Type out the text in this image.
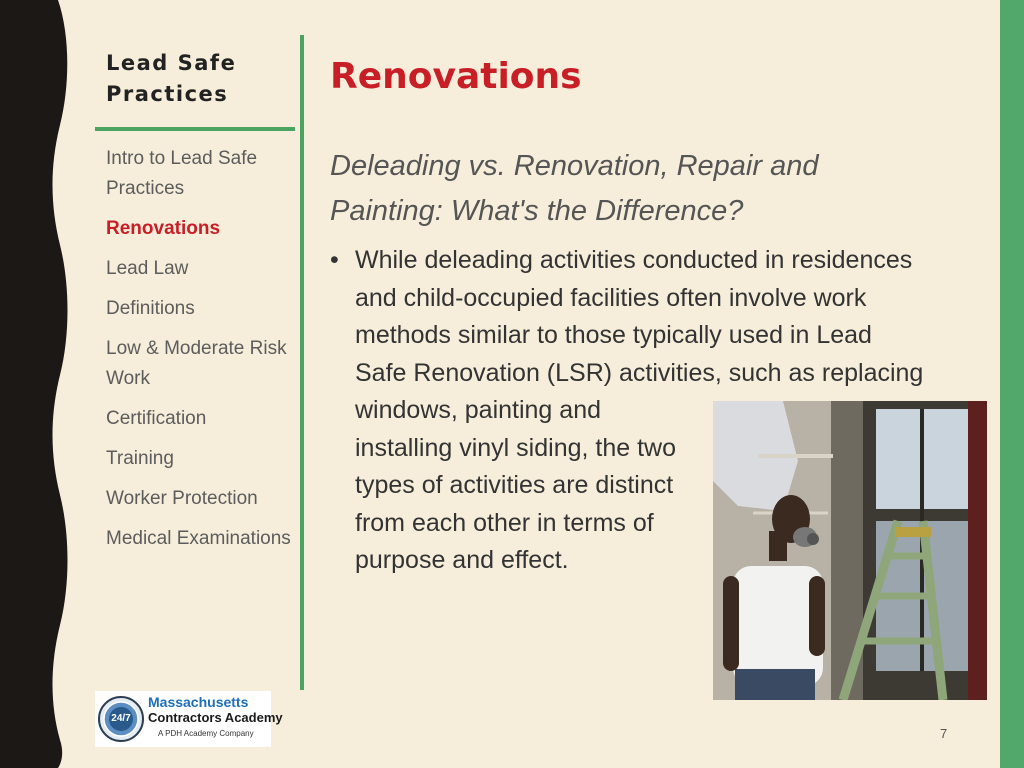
Lead Safe Practices
Intro to Lead Safe Practices
Renovations
Lead Law
Definitions
Low & Moderate Risk Work
Certification
Training
Worker Protection
Medical Examinations
Renovations
Deleading vs. Renovation, Repair and Painting: What's the Difference?
• While deleading activities conducted in residences
and child-occupied facilities often involve work
methods similar to those typically used in Lead
Safe Renovation (LSR) activities, such as replacing
windows, painting and
installing vinyl siding, the two
types of activities are distinct
from each other in terms of
purpose and effect.
24/7
Massachusetts
Contractors Academy
A PDH Academy Company	7
